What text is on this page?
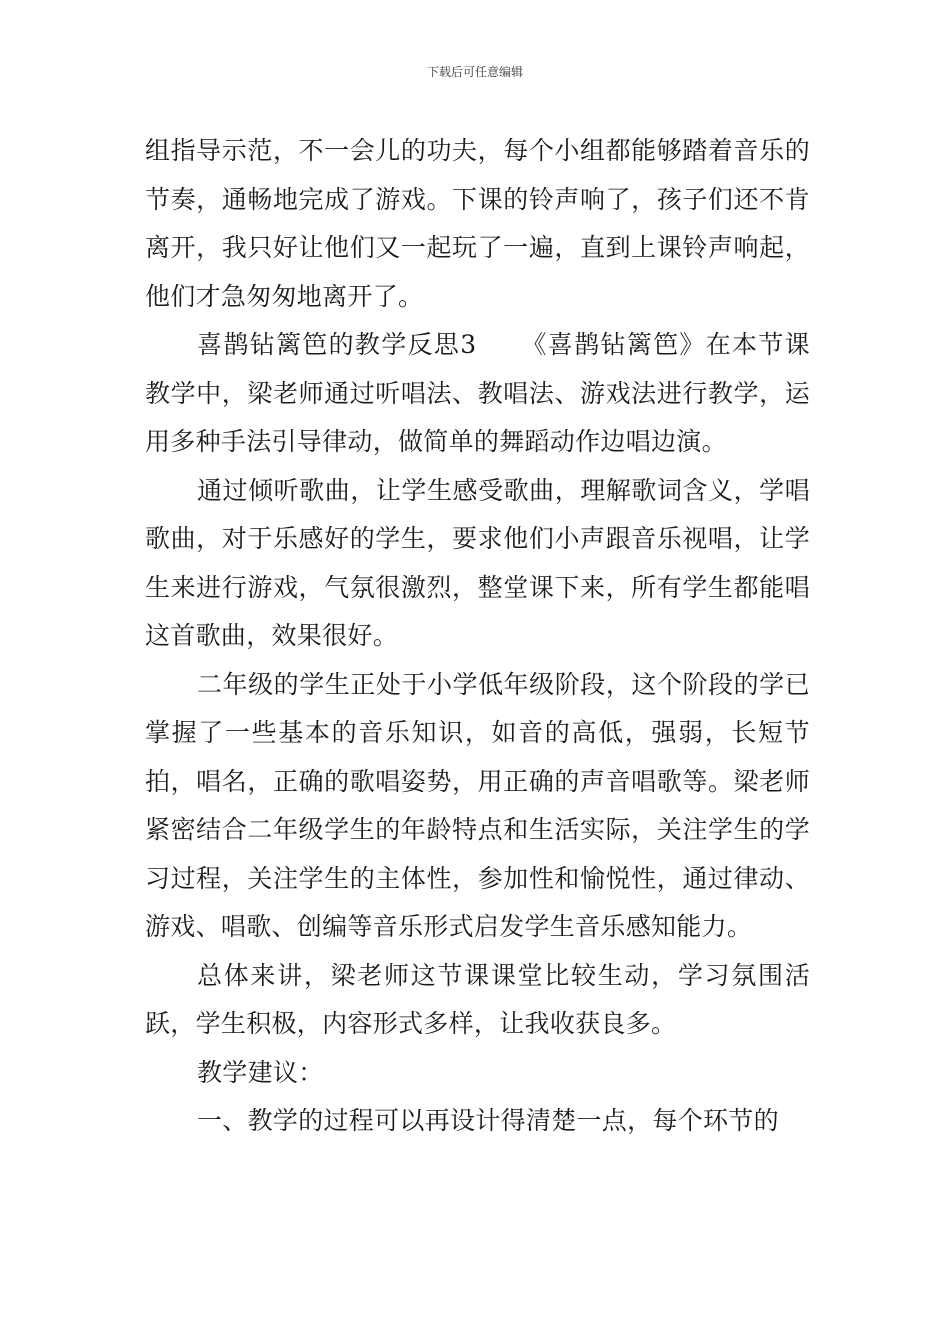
下载后可任意编辑

组指导示范，不一会儿的功夫，每个小组都能够踏着音乐的节奏，通畅地完成了游戏。下课的铃声响了，孩子们还不肯离开，我只好让他们又一起玩了一遍，直到上课铃声响起，他们才急匆匆地离开了。

喜鹊钻篱笆的教学反思3 《喜鹊钻篱笆》在本节课教学中，梁老师通过听唱法、教唱法、游戏法进行教学，运用多种手法引导律动，做简单的舞蹈动作边唱边演。

通过倾听歌曲，让学生感受歌曲，理解歌词含义，学唱歌曲，对于乐感好的学生，要求他们小声跟音乐视唱，让学生来进行游戏，气氛很激烈，整堂课下来，所有学生都能唱这首歌曲，效果很好。

二年级的学生正处于小学低年级阶段，这个阶段的学已掌握了一些基本的音乐知识，如音的高低，强弱，长短节拍，唱名，正确的歌唱姿势，用正确的声音唱歌等。梁老师紧密结合二年级学生的年龄特点和生活实际，关注学生的学习过程，关注学生的主体性，参加性和愉悦性，通过律动、游戏、唱歌、创编等音乐形式启发学生音乐感知能力。

总体来讲，梁老师这节课课堂比较生动，学习氛围活跃，学生积极，内容形式多样，让我收获良多。

教学建议：

一、教学的过程可以再设计得清楚一点，每个环节的
